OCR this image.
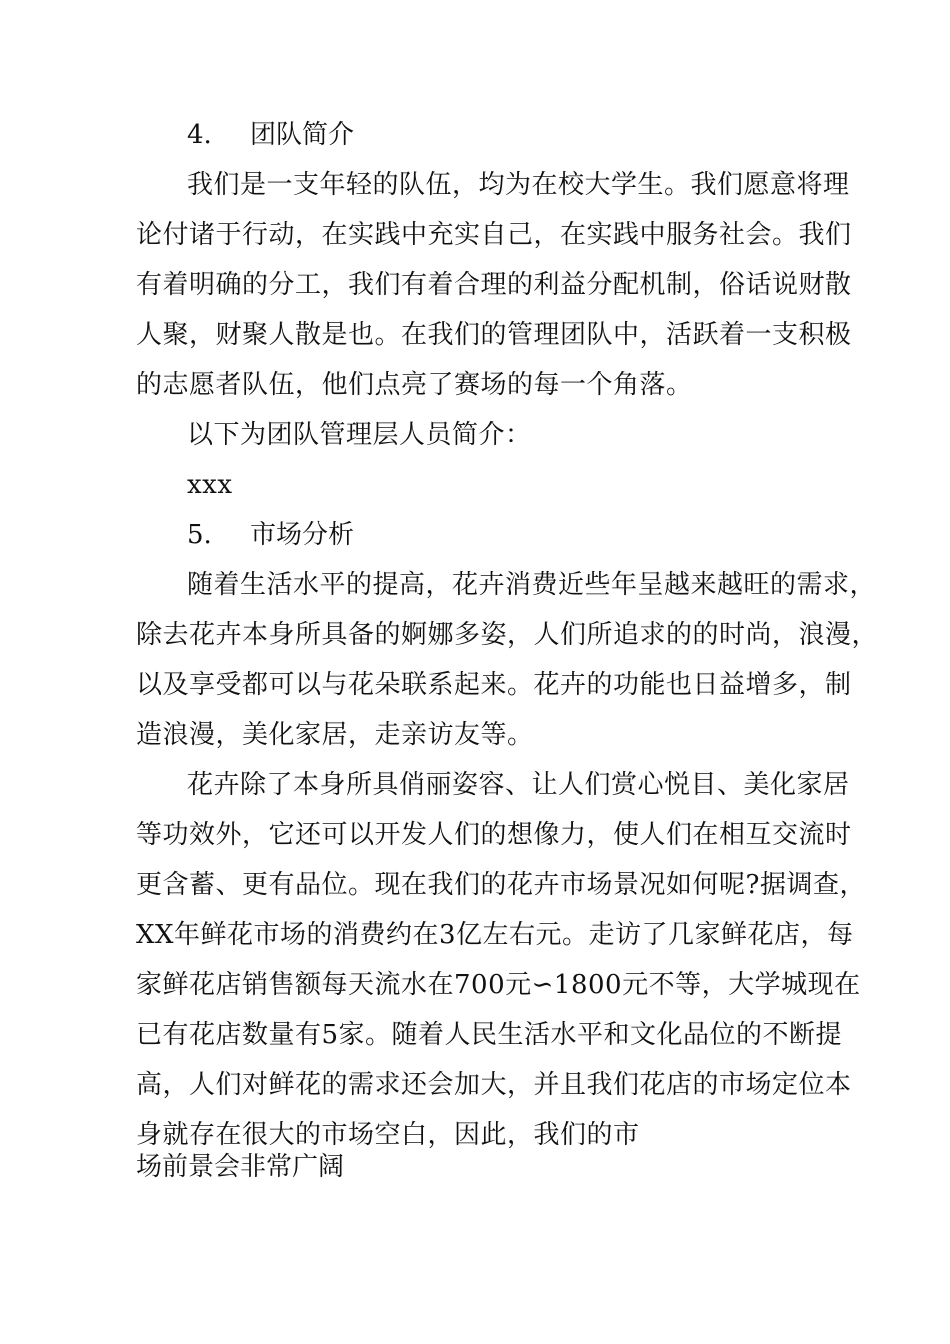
4. 团队简介
我们是一支年轻的队伍，均为在校大学生。我们愿意将理
论付诸于行动，在实践中充实自己，在实践中服务社会。我们
有着明确的分工，我们有着合理的利益分配机制，俗话说财散
人聚，财聚人散是也。在我们的管理团队中，活跃着一支积极
的志愿者队伍，他们点亮了赛场的每一个角落。
以下为团队管理层人员简介：
xxx
5. 市场分析
随着生活水平的提高，花卉消费近些年呈越来越旺的需求，
除去花卉本身所具备的婀娜多姿，人们所追求的的时尚，浪漫，
以及享受都可以与花朵联系起来。花卉的功能也日益增多，制
造浪漫，美化家居，走亲访友等。
花卉除了本身所具俏丽姿容、让人们赏心悦目、美化家居
等功效外，它还可以开发人们的想像力，使人们在相互交流时
更含蓄、更有品位。现在我们的花卉市场景况如何呢?据调查，
XX年鲜花市场的消费约在3亿左右元。走访了几家鲜花店，每
家鲜花店销售额每天流水在700元∽1800元不等，大学城现在
已有花店数量有5家。随着人民生活水平和文化品位的不断提
高，人们对鲜花的需求还会加大，并且我们花店的市场定位本
身就存在很大的市场空白，因此，我们的市
场前景会非常广阔
